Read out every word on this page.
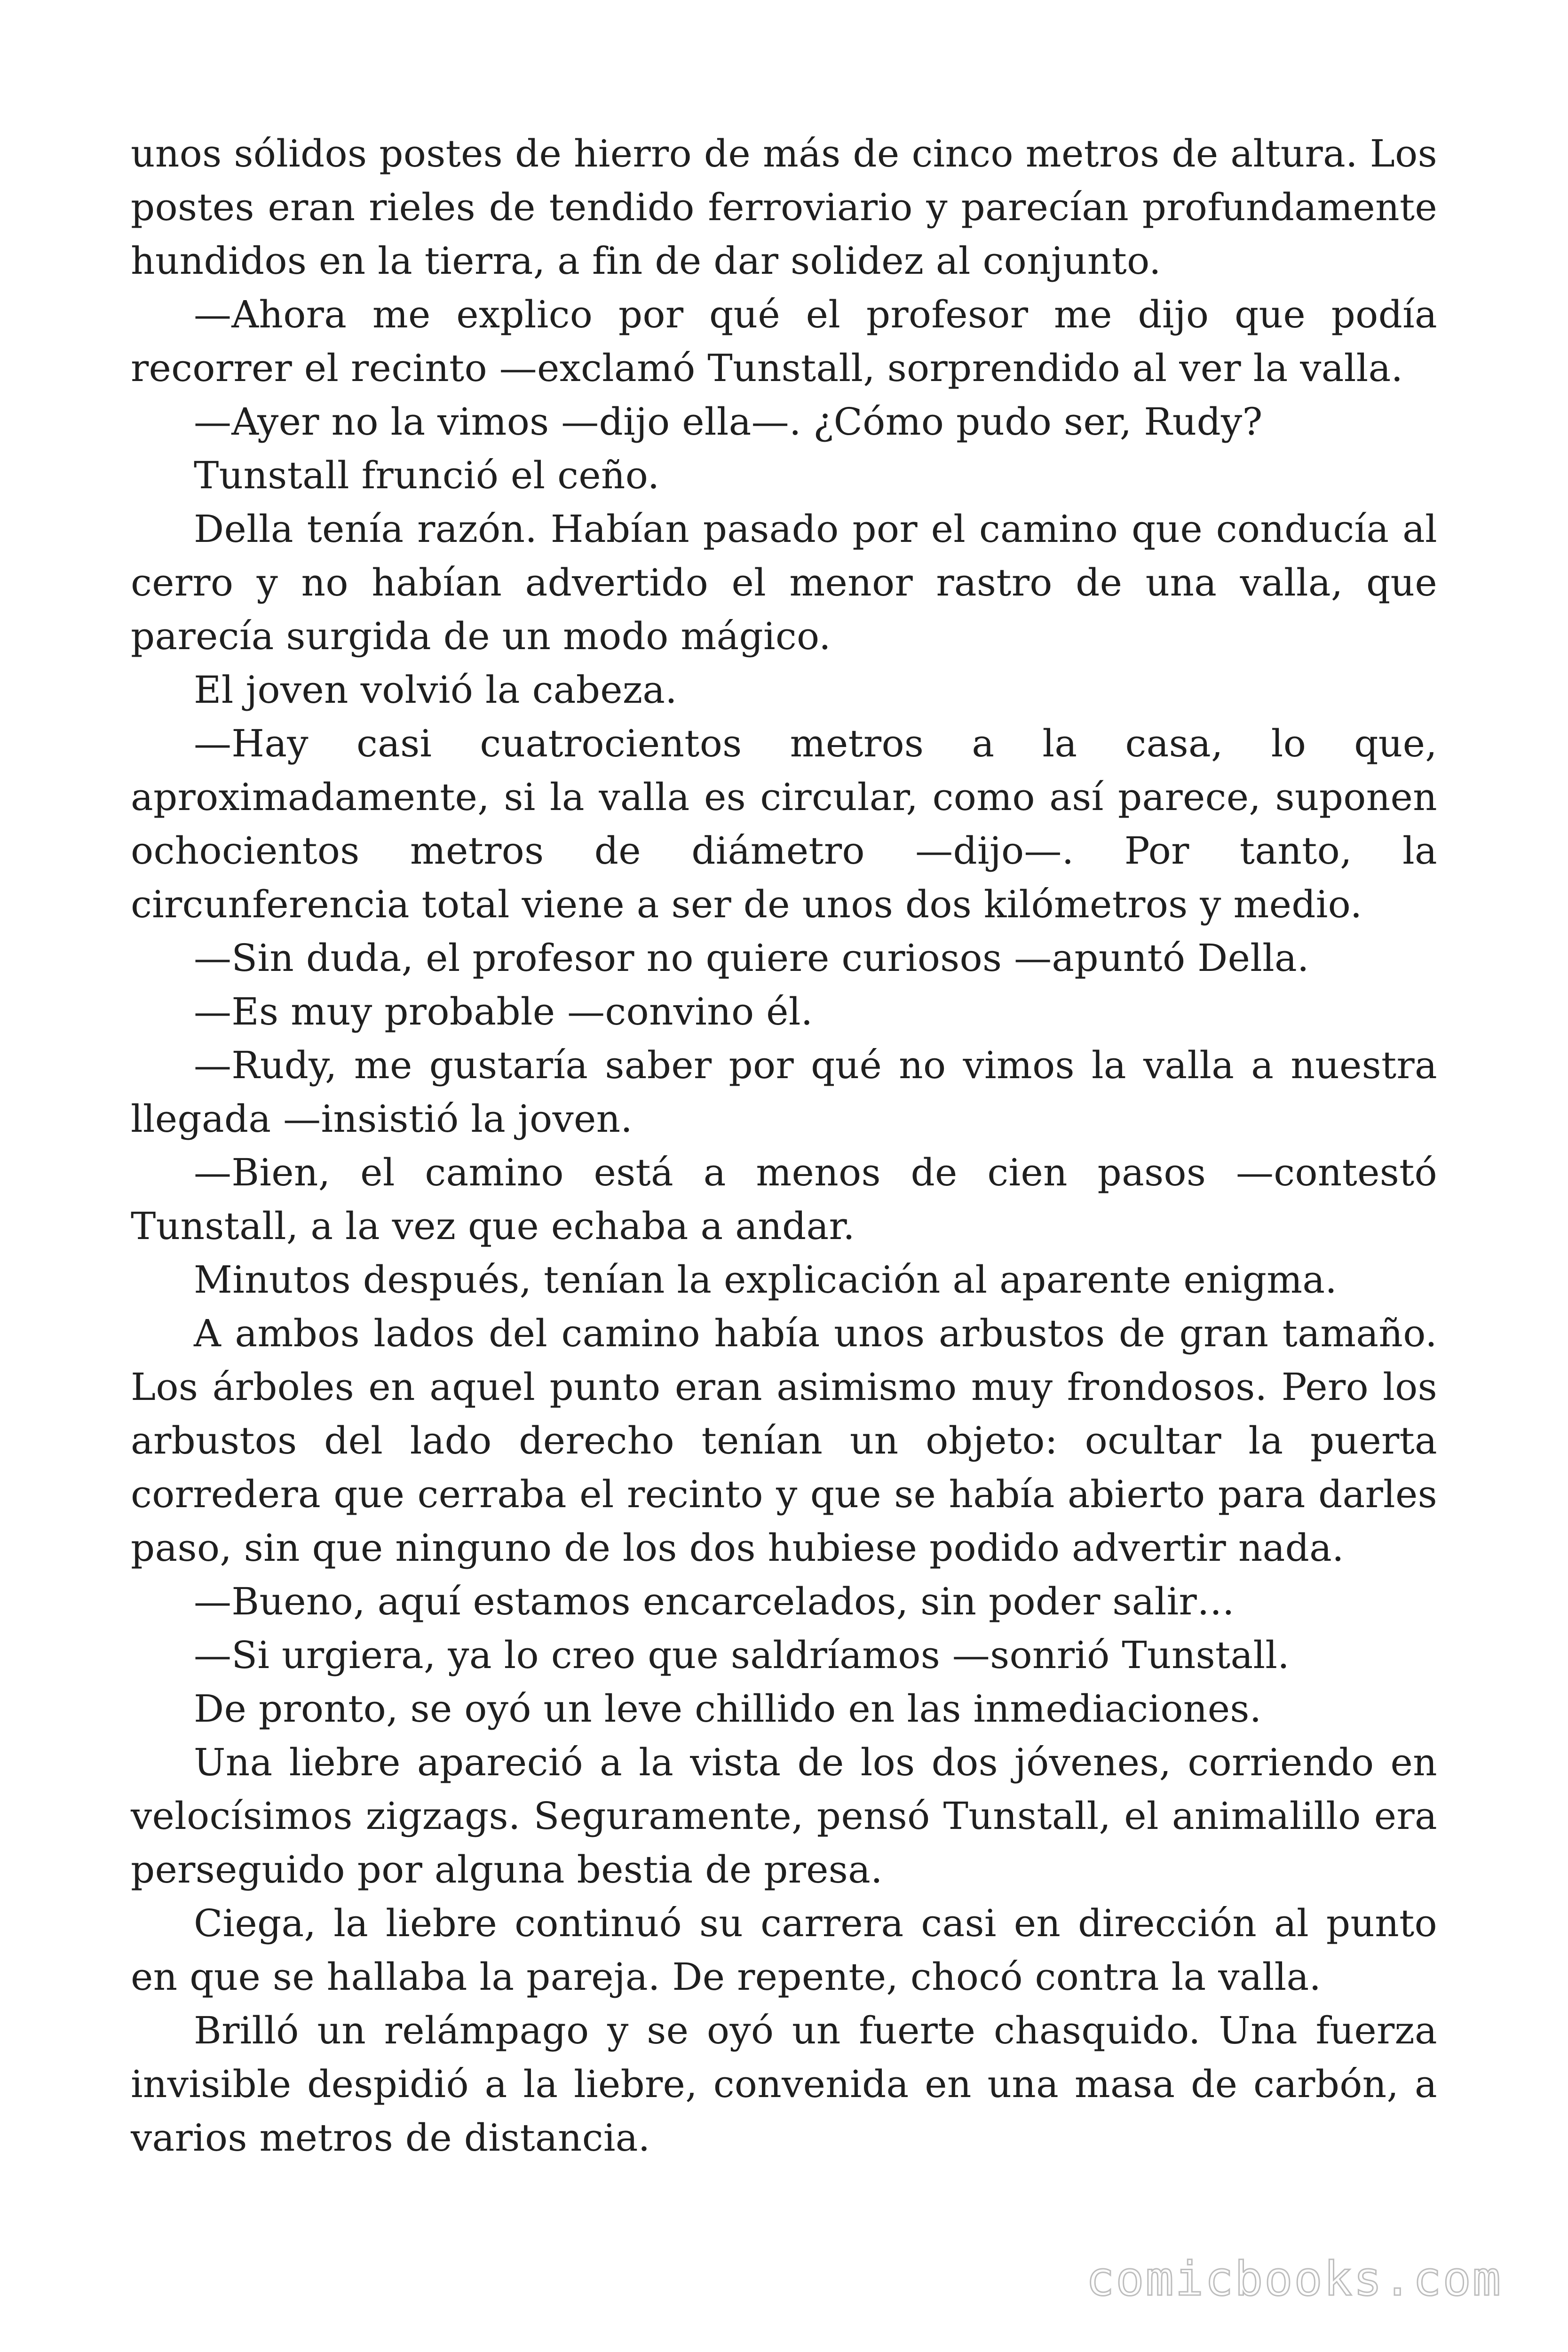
unos sólidos postes de hierro de más de cinco metros de altura. Los postes eran rieles de tendido ferroviario y parecían profundamente hundidos en la tierra, a fin de dar solidez al conjunto.

—Ahora me explico por qué el profesor me dijo que podía recorrer el recinto —exclamó Tunstall, sorprendido al ver la valla.

—Ayer no la vimos —dijo ella—. ¿Cómo pudo ser, Rudy?

Tunstall frunció el ceño.

Della tenía razón. Habían pasado por el camino que conducía al cerro y no habían advertido el menor rastro de una valla, que parecía surgida de un modo mágico.

El joven volvió la cabeza.

—Hay casi cuatrocientos metros a la casa, lo que, aproximadamente, si la valla es circular, como así parece, suponen ochocientos metros de diámetro —dijo—. Por tanto, la circunferencia total viene a ser de unos dos kilómetros y medio.

—Sin duda, el profesor no quiere curiosos —apuntó Della.

—Es muy probable —convino él.

—Rudy, me gustaría saber por qué no vimos la valla a nuestra llegada —insistió la joven.

—Bien, el camino está a menos de cien pasos —contestó Tunstall, a la vez que echaba a andar.

Minutos después, tenían la explicación al aparente enigma.

A ambos lados del camino había unos arbustos de gran tamaño. Los árboles en aquel punto eran asimismo muy frondosos. Pero los arbustos del lado derecho tenían un objeto: ocultar la puerta corredera que cerraba el recinto y que se había abierto para darles paso, sin que ninguno de los dos hubiese podido advertir nada.

—Bueno, aquí estamos encarcelados, sin poder salir…

—Si urgiera, ya lo creo que saldríamos —sonrió Tunstall.

De pronto, se oyó un leve chillido en las inmediaciones.

Una liebre apareció a la vista de los dos jóvenes, corriendo en velocísimos zigzags. Seguramente, pensó Tunstall, el animalillo era perseguido por alguna bestia de presa.

Ciega, la liebre continuó su carrera casi en dirección al punto en que se hallaba la pareja. De repente, chocó contra la valla.

Brilló un relámpago y se oyó un fuerte chasquido. Una fuerza invisible despidió a la liebre, convenida en una masa de carbón, a varios metros de distancia.

comicbooks.com
